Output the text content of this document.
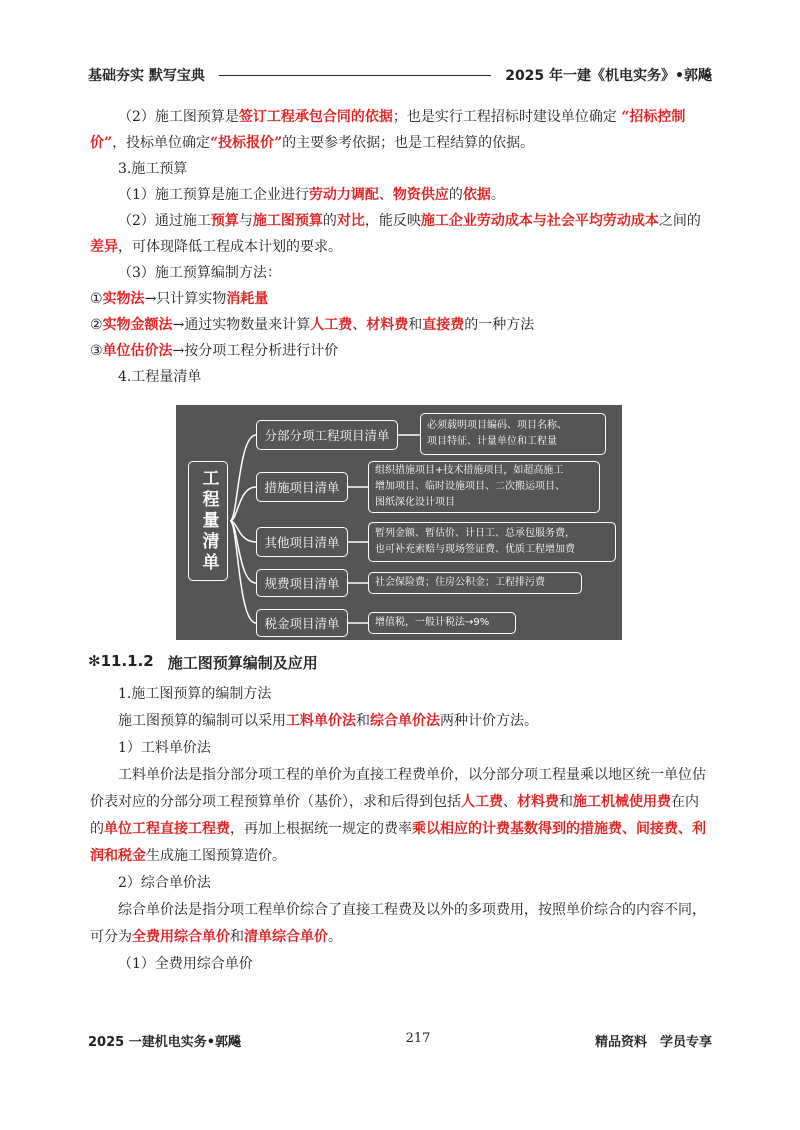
基础夯实 默写宝典	2025 年一建《机电实务》•郭飚

（2）施工图预算是签订工程承包合同的依据；也是实行工程招标时建设单位确定 “招标控制价”，投标单位确定“投标报价”的主要参考依据；也是工程结算的依据。

3.施工预算

（1）施工预算是施工企业进行劳动力调配、物资供应的依据。

（2）通过施工预算与施工图预算的对比，能反映施工企业劳动成本与社会平均劳动成本之间的差异，可体现降低工程成本计划的要求。

（3）施工预算编制方法：

①实物法→只计算实物消耗量

②实物金额法→通过实物数量来计算人工费、材料费和直接费的一种方法

③单位估价法→按分项工程分析进行计价

4.工程量清单

工程量清单
分部分项工程项目清单
措施项目清单
其他项目清单
规费项目清单
税金项目清单
必须载明项目编码、项目名称、
项目特征、计量单位和工程量
组织措施项目+技术措施项目，如超高施工
增加项目、临时设施项目、二次搬运项目、
图纸深化设计项目
暂列金额、暂估价、计日工、总承包服务费，
也可补充索赔与现场签证费、优质工程增加费
社会保险费；住房公积金；工程排污费
增值税，一般计税法→9%
✻11.1.2 施工图预算编制及应用

1.施工图预算的编制方法

施工图预算的编制可以采用工料单价法和综合单价法两种计价方法。

1）工料单价法

工料单价法是指分部分项工程的单价为直接工程费单价，以分部分项工程量乘以地区统一单位估价表对应的分部分项工程预算单价（基价），求和后得到包括人工费、材料费和施工机械使用费在内的单位工程直接工程费，再加上根据统一规定的费率乘以相应的计费基数得到的措施费、间接费、利润和税金生成施工图预算造价。

2）综合单价法

综合单价法是指分项工程单价综合了直接工程费及以外的多项费用，按照单价综合的内容不同，可分为全费用综合单价和清单综合单价。

（1）全费用综合单价

2025 一建机电实务•郭飚	217	精品资料　学员专享
